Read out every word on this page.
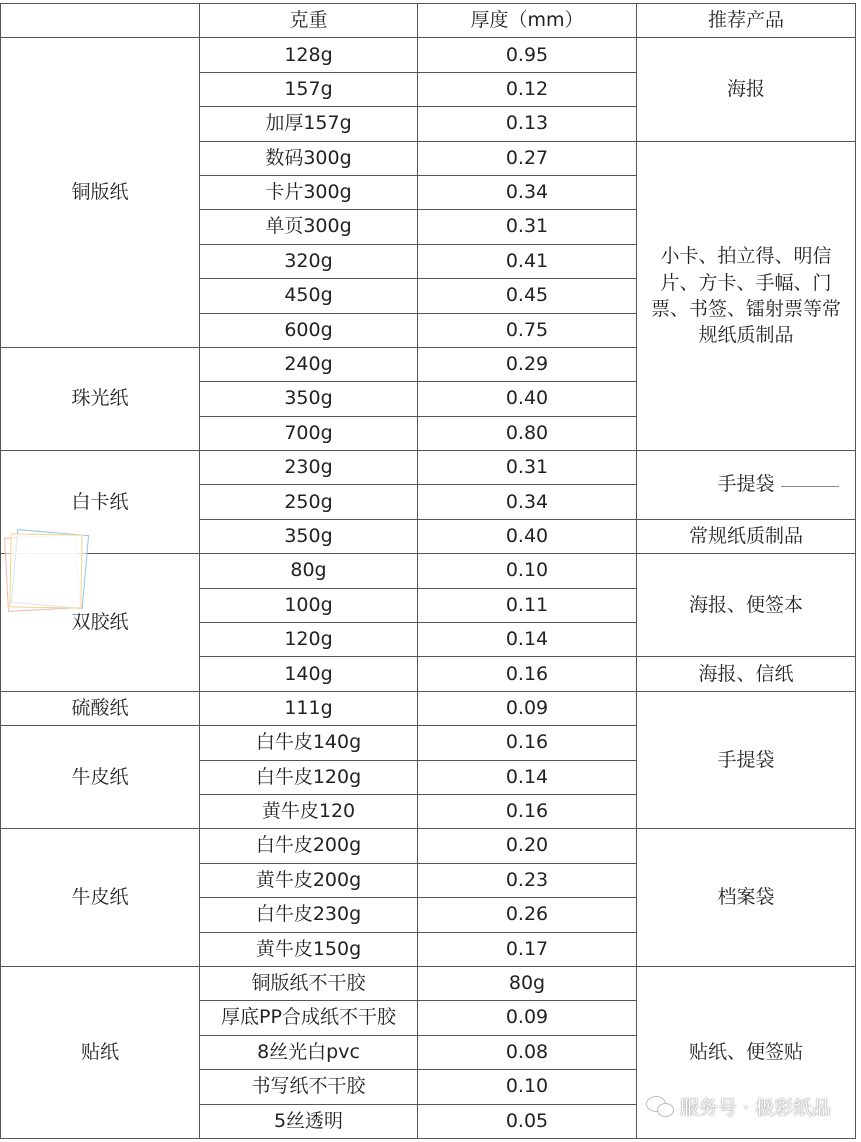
	克重	厚度（mm）	推荐产品
铜版纸	128g	0.95	海报
	157g	0.12	
	加厚157g	0.13	
	数码300g	0.27	小卡、拍立得、明信片、方卡、手幅、门票、书签、镭射票等常规纸质制品
	卡片300g	0.34	
	单页300g	0.31	
	320g	0.41	
	450g	0.45	
	600g	0.75	
珠光纸	240g	0.29	
	350g	0.40	
	700g	0.80	
白卡纸	230g	0.31	手提袋
	250g	0.34	
	350g	0.40	常规纸质制品
双胶纸	80g	0.10	海报、便签本
	100g	0.11	
	120g	0.14	
	140g	0.16	海报、信纸
硫酸纸	111g	0.09	手提袋
牛皮纸	白牛皮140g	0.16	
	白牛皮120g	0.14	
	黄牛皮120	0.16	
牛皮纸	白牛皮200g	0.20	档案袋
	黄牛皮200g	0.23	
	白牛皮230g	0.26	
	黄牛皮150g	0.17	
贴纸	铜版纸不干胶	80g	贴纸、便签贴
	厚底PP合成纸不干胶	0.09	
	8丝光白pvc	0.08	
	书写纸不干胶	0.10	
	5丝透明	0.05	
服务号 · 极彩纸品
